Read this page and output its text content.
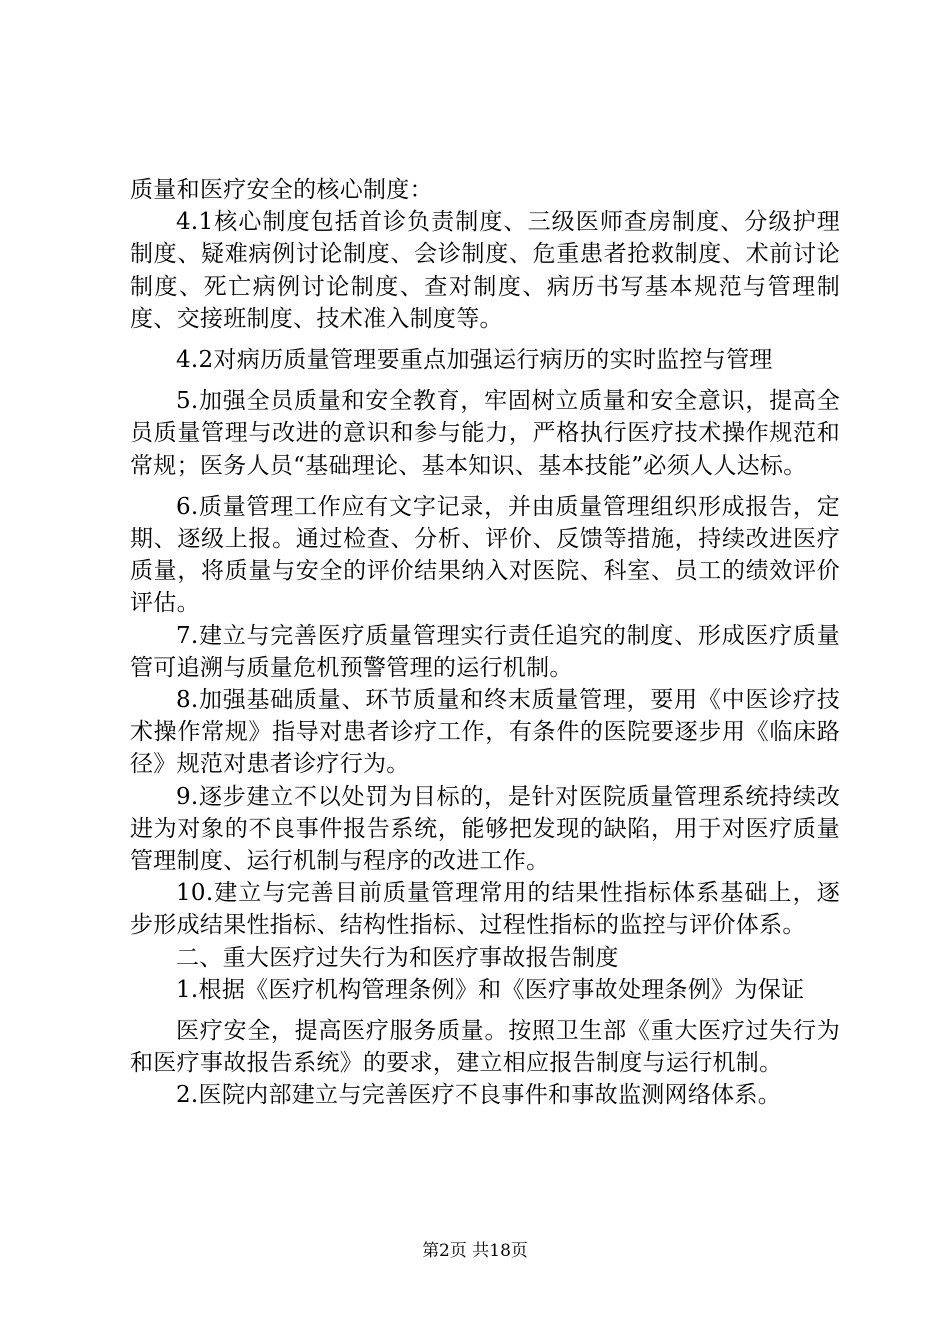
质量和医疗安全的核心制度：

4.1核心制度包括首诊负责制度、三级医师查房制度、分级护理制度、疑难病例讨论制度、会诊制度、危重患者抢救制度、术前讨论制度、死亡病例讨论制度、查对制度、病历书写基本规范与管理制度、交接班制度、技术准入制度等。

4.2对病历质量管理要重点加强运行病历的实时监控与管理

5.加强全员质量和安全教育，牢固树立质量和安全意识，提高全员质量管理与改进的意识和参与能力，严格执行医疗技术操作规范和常规；医务人员“基础理论、基本知识、基本技能”必须人人达标。

6.质量管理工作应有文字记录，并由质量管理组织形成报告，定期、逐级上报。通过检查、分析、评价、反馈等措施，持续改进医疗质量，将质量与安全的评价结果纳入对医院、科室、员工的绩效评价评估。

7.建立与完善医疗质量管理实行责任追究的制度、形成医疗质量管可追溯与质量危机预警管理的运行机制。

8.加强基础质量、环节质量和终末质量管理，要用《中医诊疗技术操作常规》指导对患者诊疗工作，有条件的医院要逐步用《临床路径》规范对患者诊疗行为。

9.逐步建立不以处罚为目标的，是针对医院质量管理系统持续改进为对象的不良事件报告系统，能够把发现的缺陷，用于对医疗质量管理制度、运行机制与程序的改进工作。

10.建立与完善目前质量管理常用的结果性指标体系基础上，逐步形成结果性指标、结构性指标、过程性指标的监控与评价体系。

二、重大医疗过失行为和医疗事故报告制度

1.根据《医疗机构管理条例》和《医疗事故处理条例》为保证

医疗安全，提高医疗服务质量。按照卫生部《重大医疗过失行为和医疗事故报告系统》的要求，建立相应报告制度与运行机制。

2.医院内部建立与完善医疗不良事件和事故监测网络体系。

第2页 共18页
